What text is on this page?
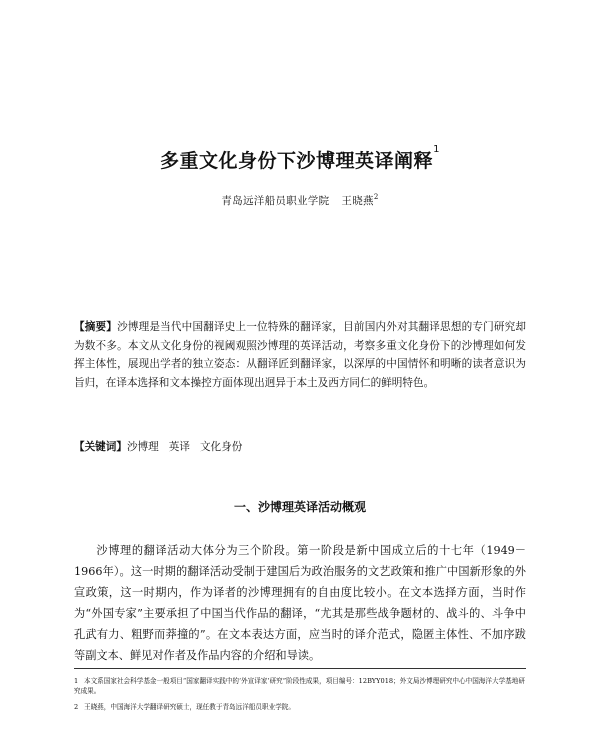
多重文化身份下沙博理英译阐释$^1$
青岛远洋船员职业学院 王晓燕$^2$
【摘要】沙博理是当代中国翻译史上一位特殊的翻译家，目前国内外对其翻译思想的专门研究却为数不多。本文从文化身份的视阈观照沙博理的英译活动，考察多重文化身份下的沙博理如何发挥主体性，展现出学者的独立姿态：从翻译匠到翻译家，以深厚的中国情怀和明晰的读者意识为旨归，在译本选择和文本操控方面体现出迥异于本土及西方同仁的鲜明特色。
【关键词】沙博理 英译 文化身份
一、沙博理英译活动概观
沙博理的翻译活动大体分为三个阶段。第一阶段是新中国成立后的十七年（1949－1966年）。这一时期的翻译活动受制于建国后为政治服务的文艺政策和推广中国新形象的外宣政策，这一时期内，作为译者的沙博理拥有的自由度比较小。在文本选择方面，当时作为“外国专家”主要承担了中国当代作品的翻译，“尤其是那些战争题材的、战斗的、斗争中孔武有力、粗野而莽撞的”。在文本表达方面，应当时的译介范式，隐匿主体性、不加序跋等副文本、鲜见对作者及作品内容的介绍和导读。
1 本文系国家社会科学基金一般项目“国家翻译实践中的‘外宣译家’研究”阶段性成果，项目编号：12BYY018；外文局沙博理研究中心中国海洋大学基地研究成果。
2 王晓燕，中国海洋大学翻译研究硕士，现任教于青岛远洋船员职业学院。
